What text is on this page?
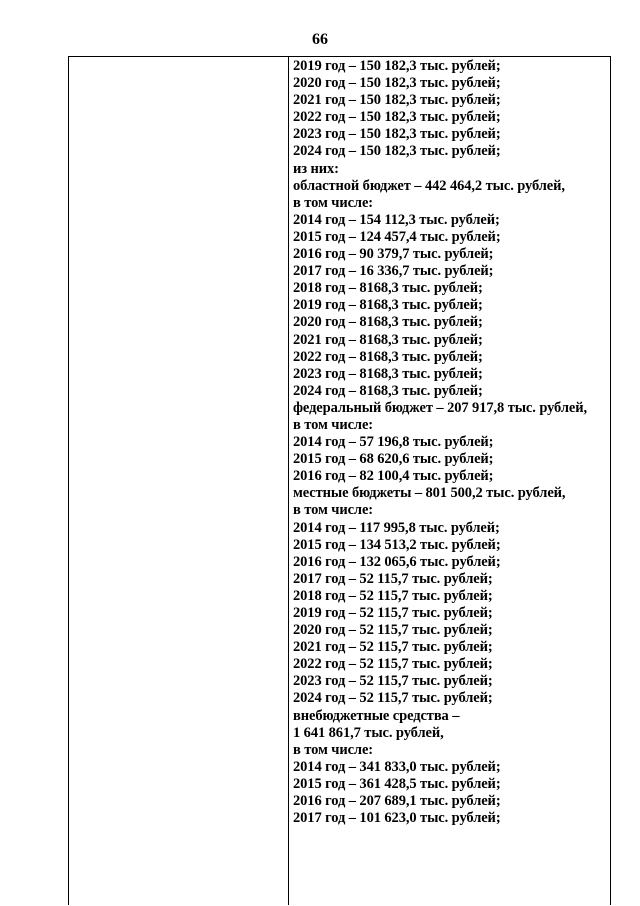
66
2019 год – 150 182,3 тыс. рублей;
2020 год – 150 182,3 тыс. рублей;
2021 год – 150 182,3 тыс. рублей;
2022 год – 150 182,3 тыс. рублей;
2023 год – 150 182,3 тыс. рублей;
2024 год – 150 182,3 тыс. рублей;
из них:
областной бюджет – 442 464,2 тыс. рублей,
в том числе:
2014 год – 154 112,3 тыс. рублей;
2015 год – 124 457,4 тыс. рублей;
2016 год – 90 379,7 тыс. рублей;
2017 год – 16 336,7 тыс. рублей;
2018 год – 8168,3 тыс. рублей;
2019 год – 8168,3 тыс. рублей;
2020 год – 8168,3 тыс. рублей;
2021 год – 8168,3 тыс. рублей;
2022 год – 8168,3 тыс. рублей;
2023 год – 8168,3 тыс. рублей;
2024 год – 8168,3 тыс. рублей;
федеральный бюджет – 207 917,8 тыс. рублей,
в том числе:
2014 год – 57 196,8 тыс. рублей;
2015 год – 68 620,6 тыс. рублей;
2016 год – 82 100,4 тыс. рублей;
местные бюджеты – 801 500,2 тыс. рублей,
в том числе:
2014 год – 117 995,8 тыс. рублей;
2015 год – 134 513,2 тыс. рублей;
2016 год – 132 065,6 тыс. рублей;
2017 год – 52 115,7 тыс. рублей;
2018 год – 52 115,7 тыс. рублей;
2019 год – 52 115,7 тыс. рублей;
2020 год – 52 115,7 тыс. рублей;
2021 год – 52 115,7 тыс. рублей;
2022 год – 52 115,7 тыс. рублей;
2023 год – 52 115,7 тыс. рублей;
2024 год – 52 115,7 тыс. рублей;
внебюджетные средства –
1 641 861,7 тыс. рублей,
в том числе:
2014 год – 341 833,0 тыс. рублей;
2015 год – 361 428,5 тыс. рублей;
2016 год – 207 689,1 тыс. рублей;
2017 год – 101 623,0 тыс. рублей;
